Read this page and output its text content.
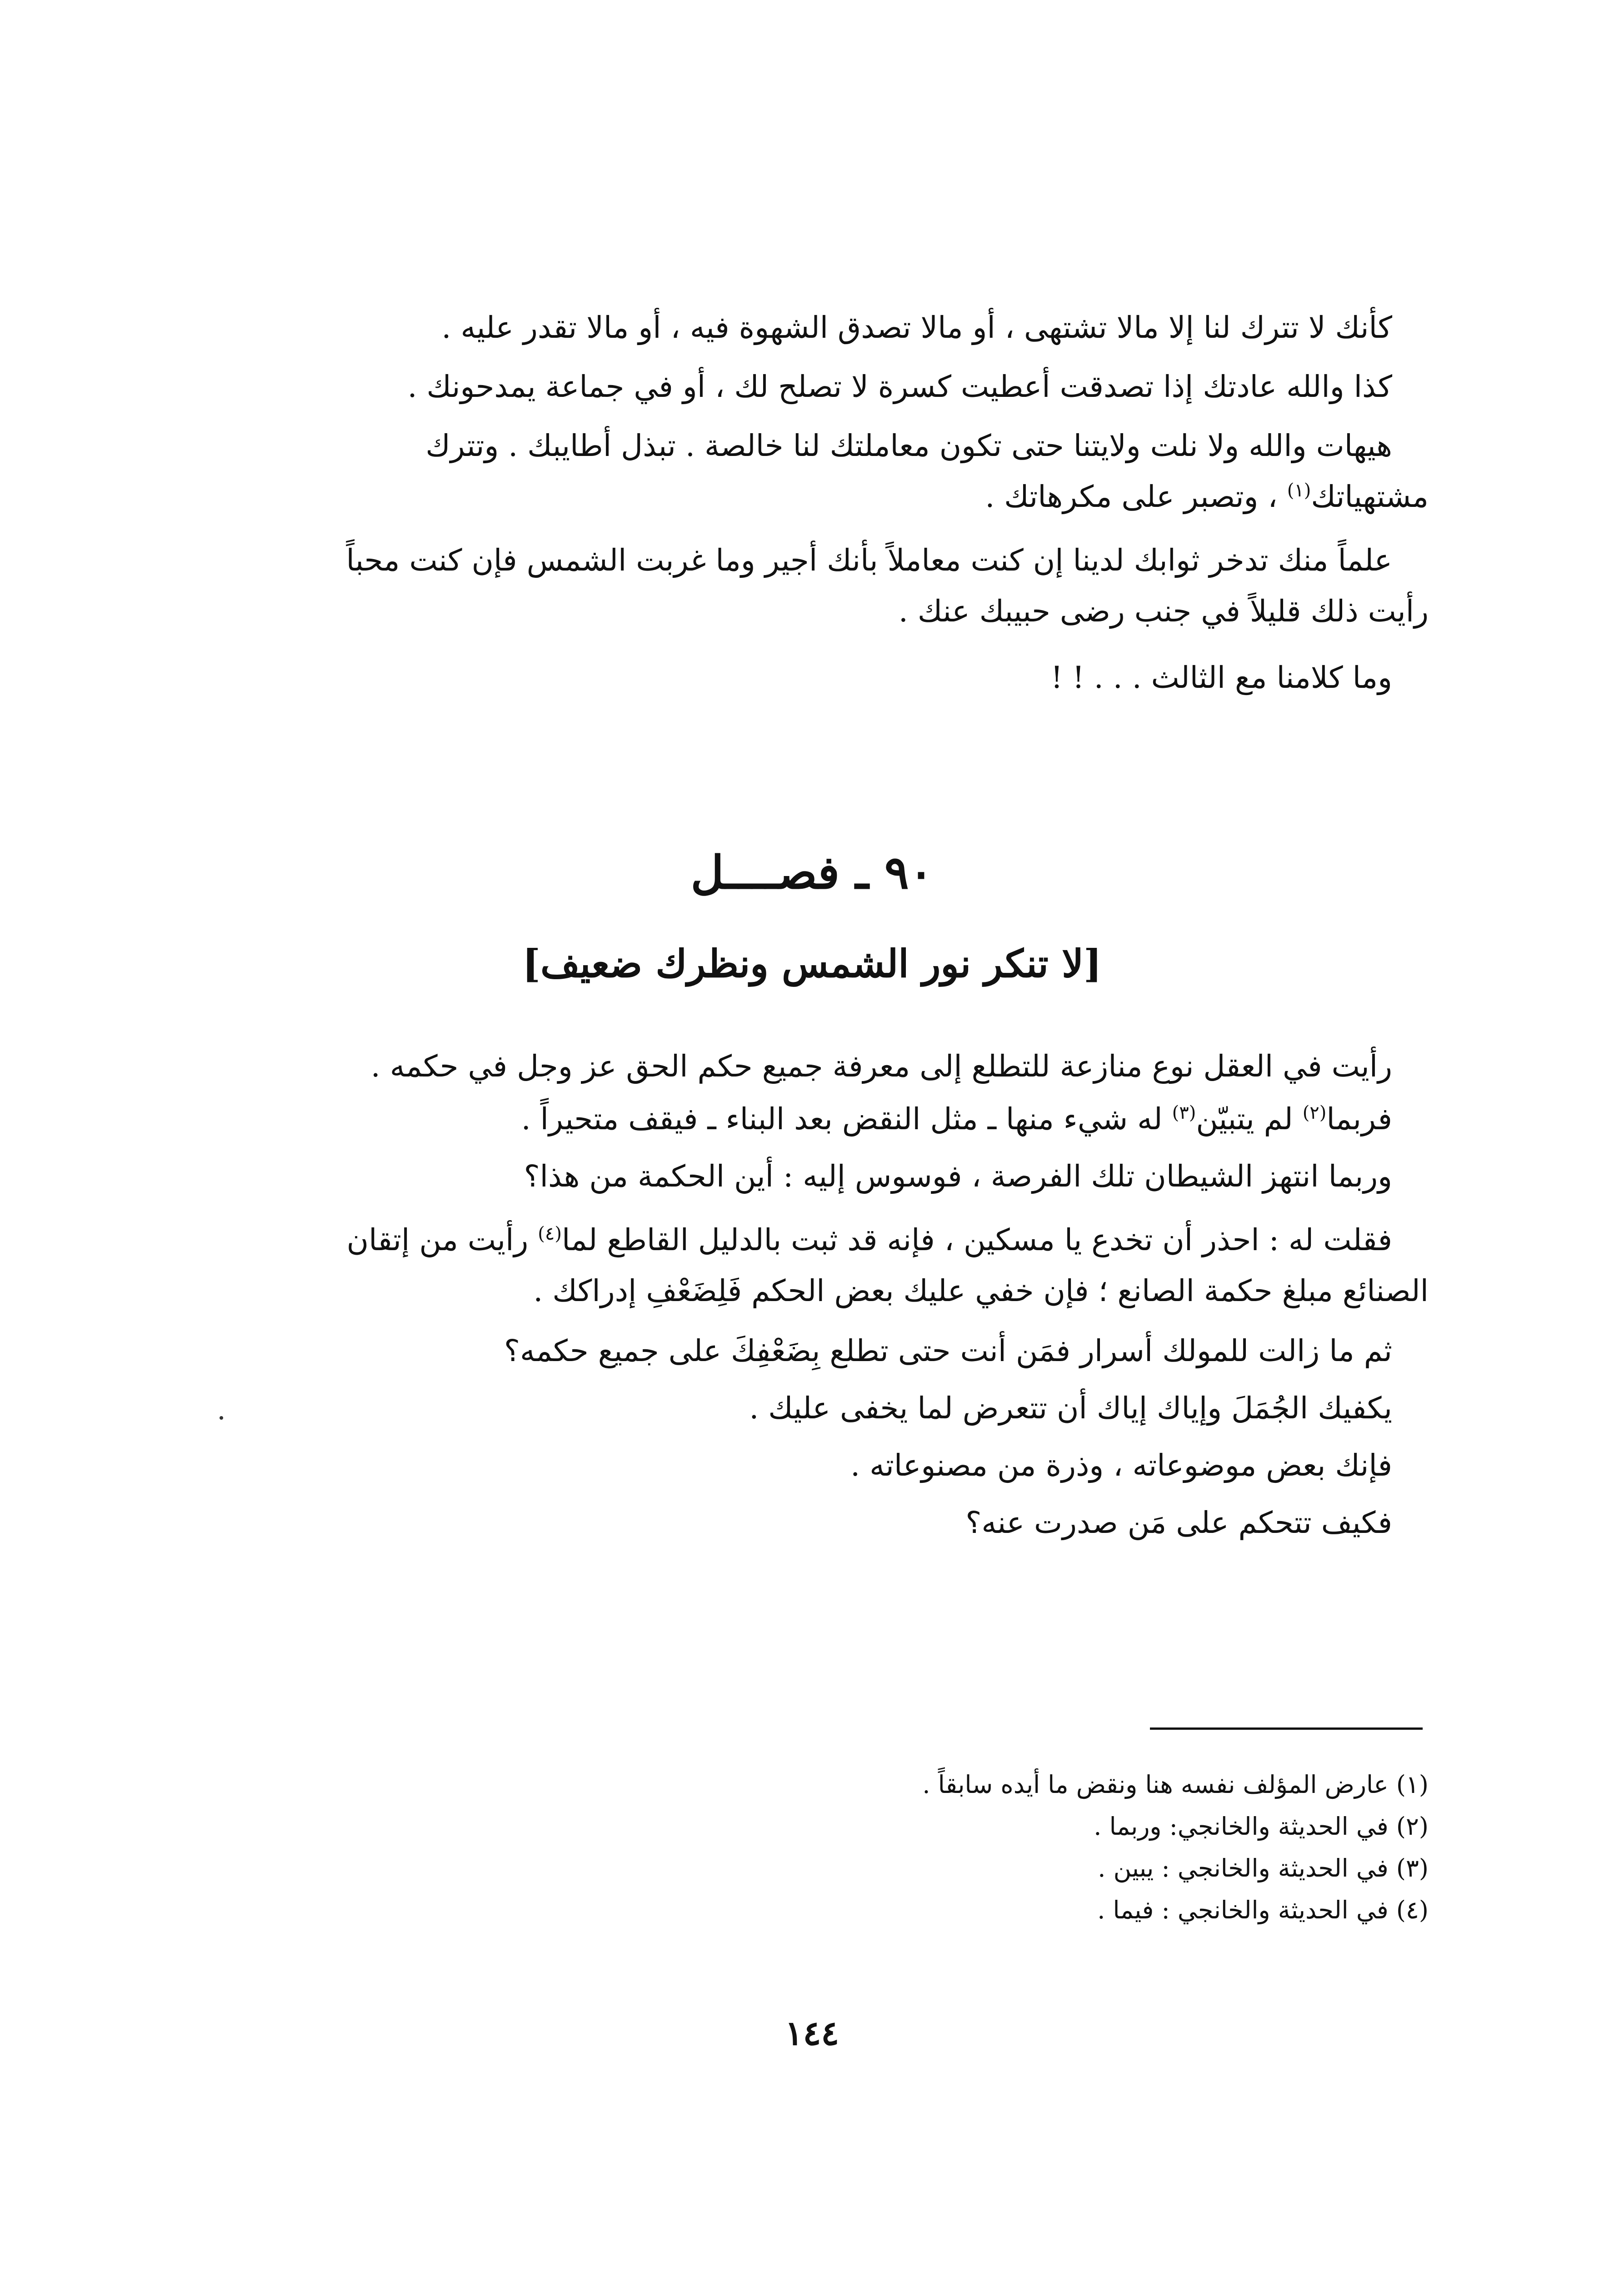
كأنك لا تترك لنا إلا مالا تشتهى ، أو مالا تصدق الشهوة فيه ، أو مالا تقدر عليه .

كذا والله عادتك إذا تصدقت أعطيت كسرة لا تصلح لك ، أو في جماعة يمدحونك .

هيهات والله ولا نلت ولايتنا حتى تكون معاملتك لنا خالصة . تبذل أطايبك . وتترك

مشتهياتك$^{(١)}$ ، وتصبر على مكرهاتك .

علماً منك تدخر ثوابك لدينا إن كنت معاملاً بأنك أجير وما غربت الشمس فإن كنت محباً

رأيت ذلك قليلاً في جنب رضى حبيبك عنك .

وما كلامنا مع الثالث . . . ! !

٩٠ ـ فصــــل
[لا تنكر نور الشمس ونظرك ضعيف]

رأيت في العقل نوع منازعة للتطلع إلى معرفة جميع حكم الحق عز وجل في حكمه .

فربما$^{(٢)}$ لم يتبيّن$^{(٣)}$ له شيء منها ـ مثل النقض بعد البناء ـ فيقف متحيراً .

وربما انتهز الشيطان تلك الفرصة ، فوسوس إليه : أين الحكمة من هذا؟

فقلت له : احذر أن تخدع يا مسكين ، فإنه قد ثبت بالدليل القاطع لما$^{(٤)}$ رأيت من إتقان

الصنائع مبلغ حكمة الصانع ؛ فإن خفي عليك بعض الحكم فَلِضَعْفِ إدراكك .

ثم ما زالت للمولك أسرار فمَن أنت حتى تطلع بِضَعْفِكَ على جميع حكمه؟

يكفيك الجُمَلَ وإياك إياك أن تتعرض لما يخفى عليك .

فإنك بعض موضوعاته ، وذرة من مصنوعاته .

فكيف تتحكم على مَن صدرت عنه؟

(١) عارض المؤلف نفسه هنا ونقض ما أيده سابقاً .

(٢) في الحديثة والخانجي: وربما .

(٣) في الحديثة والخانجي : يبين .

(٤) في الحديثة والخانجي : فيما .

١٤٤
